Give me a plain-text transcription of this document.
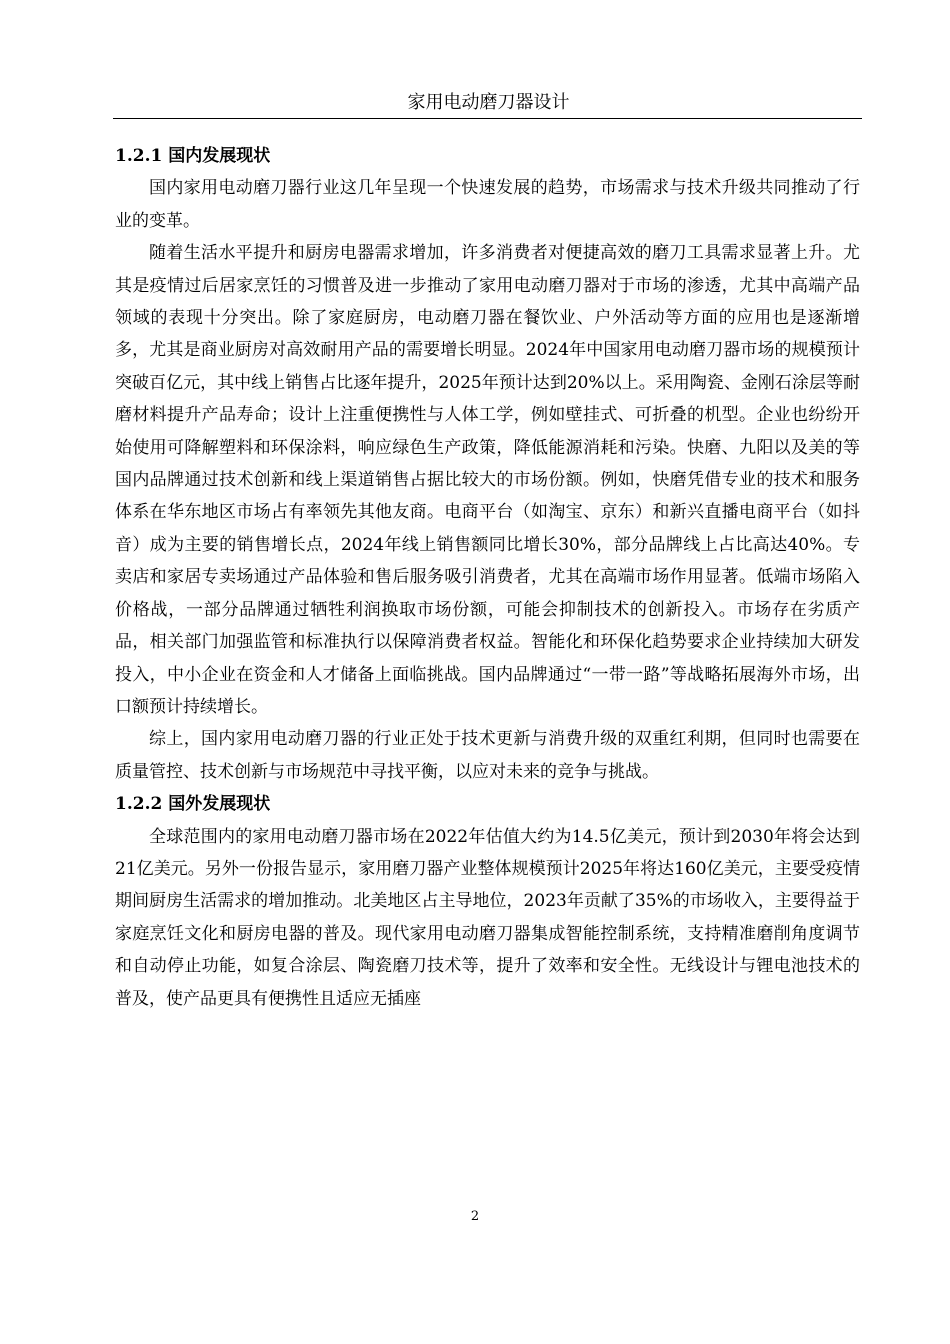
家用电动磨刀器设计
1.2.1 国内发展现状

国内家用电动磨刀器行业这几年呈现一个快速发展的趋势，市场需求与技术升级共同推动了行业的变革。

随着生活水平提升和厨房电器需求增加，许多消费者对便捷高效的磨刀工具需求显著上升。尤其是疫情过后居家烹饪的习惯普及进一步推动了家用电动磨刀器对于市场的渗透，尤其中高端产品领域的表现十分突出。除了家庭厨房，电动磨刀器在餐饮业、户外活动等方面的应用也是逐渐增多，尤其是商业厨房对高效耐用产品的需要增长明显。2024年中国家用电动磨刀器市场的规模预计突破百亿元，其中线上销售占比逐年提升，2025年预计达到20%以上。采用陶瓷、金刚石涂层等耐磨材料提升产品寿命；设计上注重便携性与人体工学，例如壁挂式、可折叠的机型。企业也纷纷开始使用可降解塑料和环保涂料，响应绿色生产政策，降低能源消耗和污染。快磨、九阳以及美的等国内品牌通过技术创新和线上渠道销售占据比较大的市场份额。例如，快磨凭借专业的技术和服务体系在华东地区市场占有率领先其他友商。电商平台（如淘宝、京东）和新兴直播电商平台（如抖音）成为主要的销售增长点，2024年线上销售额同比增长30%，部分品牌线上占比高达40%。专卖店和家居专卖场通过产品体验和售后服务吸引消费者，尤其在高端市场作用显著。低端市场陷入价格战，一部分品牌通过牺牲利润换取市场份额，可能会抑制技术的创新投入。市场存在劣质产品，相关部门加强监管和标准执行以保障消费者权益。智能化和环保化趋势要求企业持续加大研发投入，中小企业在资金和人才储备上面临挑战。国内品牌通过“一带一路”等战略拓展海外市场，出口额预计持续增长。

综上，国内家用电动磨刀器的行业正处于技术更新与消费升级的双重红利期，但同时也需要在质量管控、技术创新与市场规范中寻找平衡，以应对未来的竞争与挑战。

1.2.2 国外发展现状

全球范围内的家用电动磨刀器市场在2022年估值大约为14.5亿美元，预计到2030年将会达到21亿美元。另外一份报告显示，家用磨刀器产业整体规模预计2025年将达160亿美元，主要受疫情期间厨房生活需求的增加推动。北美地区占主导地位，2023年贡献了35%的市场收入，主要得益于家庭烹饪文化和厨房电器的普及。现代家用电动磨刀器集成智能控制系统，支持精准磨削角度调节和自动停止功能，如复合涂层、陶瓷磨刀技术等，提升了效率和安全性。无线设计与锂电池技术的普及，使产品更具有便携性且适应无插座

2
